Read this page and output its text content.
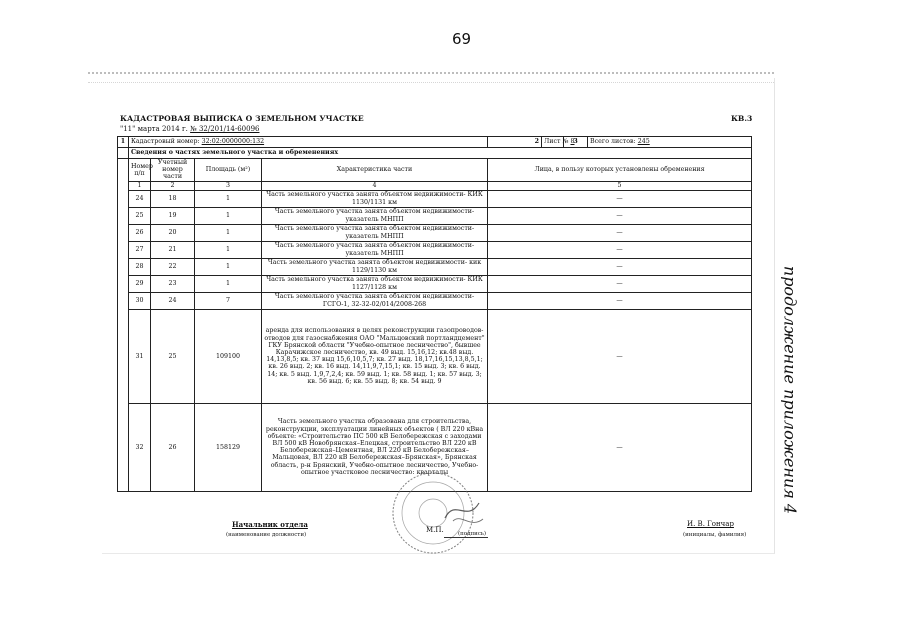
69
КАДАСТРОВАЯ ВЫПИСКА О ЗЕМЕЛЬНОМ УЧАСТКЕ	КВ.3
"11" марта 2014 г. № 32/201/14-60096
1	Кадастровый номер: 32:02:0000000:132				2	Лист № 8	3	Всего листов: 245
	Сведения о частях земельного участка и обременениях							
	Номер п/п	Учетный номер части	Площадь (м²)	Характеристика части	Лица, в пользу которых установлены обременения			
	1	2	3	4	5			
	24	18	1	Часть земельного участка занята объектом недвижимости- КИК 1130/1131 км	—			
	25	19	1	Часть земельного участка занята объектом недвижимости- указатель МНПП	—			
	26	20	1	Часть земельного участка занята объектом недвижимости- указатель МНПП	—			
	27	21	1	Часть земельного участка занята объектом недвижимости- указатель МНПП	—			
	28	22	1	Часть земельного участка занята объектом недвижимости- кик 1129/1130 км	—			
	29	23	1	Часть земельного участка занята объектом недвижимости- КИК 1127/1128 км	—			
	30	24	7	Часть земельного участка занята объектом недвижимости- ГСГО-1, 32-32-02/014/2008-268	—			
	31	25	109100	аренда для использования в целях реконструкции газопроводов-отводов для газоснабжения ОАО "Мальцовский портландцемент" ГКУ Брянской области "Учебно-опытное лесничество", бывшее Карачижское лесничество, кв. 49 выд. 15,16,12; кв.48 выд. 14,13,8,5; кв. 37 выд 15,6,10,5,7; кв. 27 выд. 18,17,16,15,13,8,5,1; кв. 26 выд. 2; кв. 16 выд. 14,11,9,7,15,1; кв. 15 выд. 3; кв. 6 выд. 14; кв. 5 выд. 1,9,7,2,4; кв. 59 выд. 1; кв. 58 выд. 1; кв. 57 выд. 3; кв. 56 выд. 6; кв. 55 выд. 8; кв. 54 выд. 9	—			
	32	26	158129	Часть земельного участка образована для строительства, реконструкции, эксплуатации линейных объектов ( ВЛ 220 кВна объекте: «Строительство ПС 500 кВ Белобережская с заходами ВЛ 500 кВ Новобрянская–Елецкая, строительство ВЛ 220 кВ Белобережская–Цементная, ВЛ 220 кВ Белобережская–Мальцовая, ВЛ 220 кВ Белобережская–Брянская», Брянская область, р-н Брянский, Учебно-опытное лесничество, Учебно-опытное участковое лесничество: кварталы	—			
Начальник отдела
(наименование должности)
М.П.	(подпись)
И. В. Гончар
(инициалы, фамилия)
продолжение приложения 4
